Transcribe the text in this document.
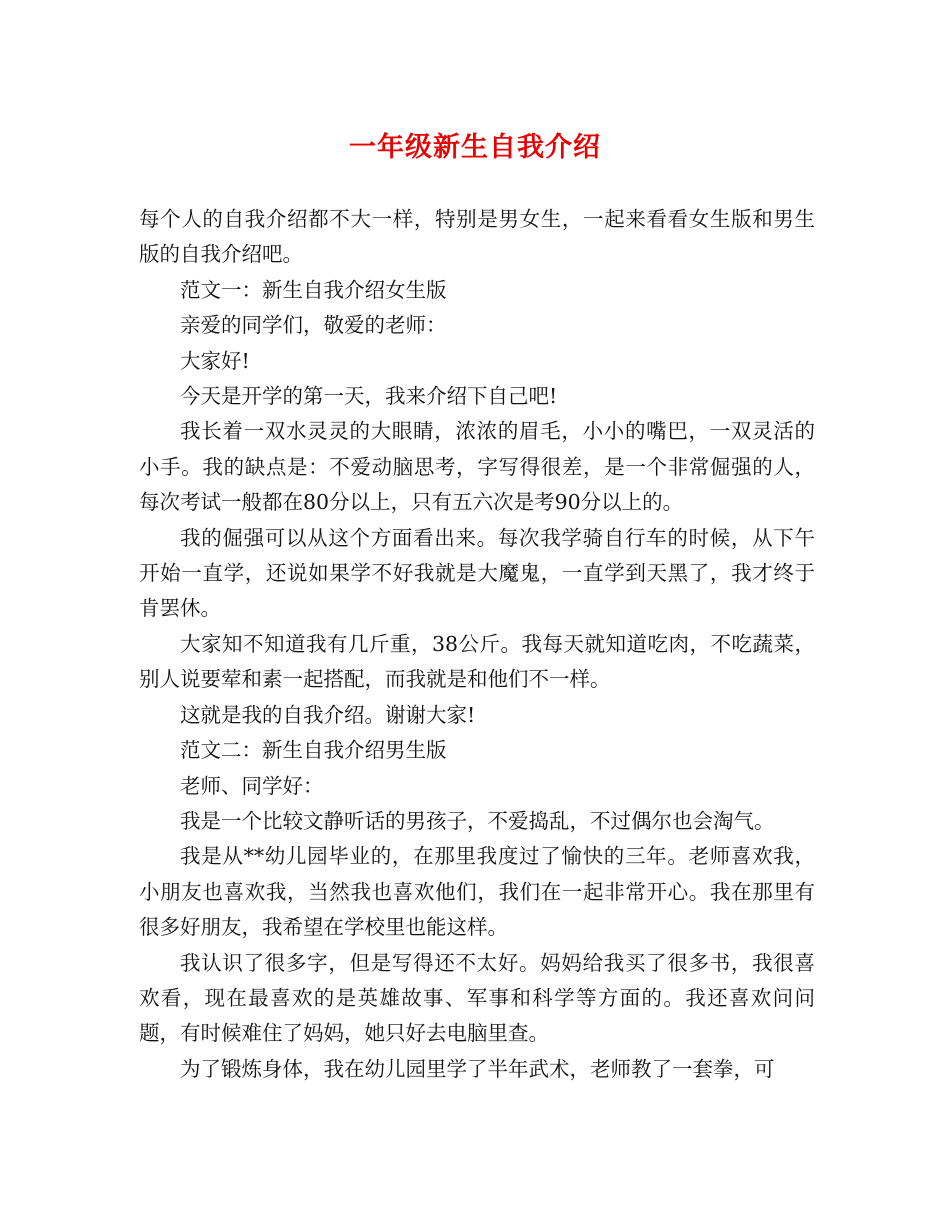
一年级新生自我介绍

每个人的自我介绍都不大一样，特别是男女生，一起来看看女生版和男生版的自我介绍吧。

范文一：新生自我介绍女生版

亲爱的同学们，敬爱的老师：

大家好!

今天是开学的第一天，我来介绍下自己吧!

我长着一双水灵灵的大眼睛，浓浓的眉毛，小小的嘴巴，一双灵活的小手。我的缺点是：不爱动脑思考，字写得很差，是一个非常倔强的人，每次考试一般都在80分以上，只有五六次是考90分以上的。

我的倔强可以从这个方面看出来。每次我学骑自行车的时候，从下午开始一直学，还说如果学不好我就是大魔鬼，一直学到天黑了，我才终于肯罢休。

大家知不知道我有几斤重，38公斤。我每天就知道吃肉，不吃蔬菜，别人说要荤和素一起搭配，而我就是和他们不一样。

这就是我的自我介绍。谢谢大家!

范文二：新生自我介绍男生版

老师、同学好：

我是一个比较文静听话的男孩子，不爱捣乱，不过偶尔也会淘气。

我是从**幼儿园毕业的，在那里我度过了愉快的三年。老师喜欢我，小朋友也喜欢我，当然我也喜欢他们，我们在一起非常开心。我在那里有很多好朋友，我希望在学校里也能这样。

我认识了很多字，但是写得还不太好。妈妈给我买了很多书，我很喜欢看，现在最喜欢的是英雄故事、军事和科学等方面的。我还喜欢问问题，有时候难住了妈妈，她只好去电脑里查。

为了锻炼身体，我在幼儿园里学了半年武术，老师教了一套拳，可
